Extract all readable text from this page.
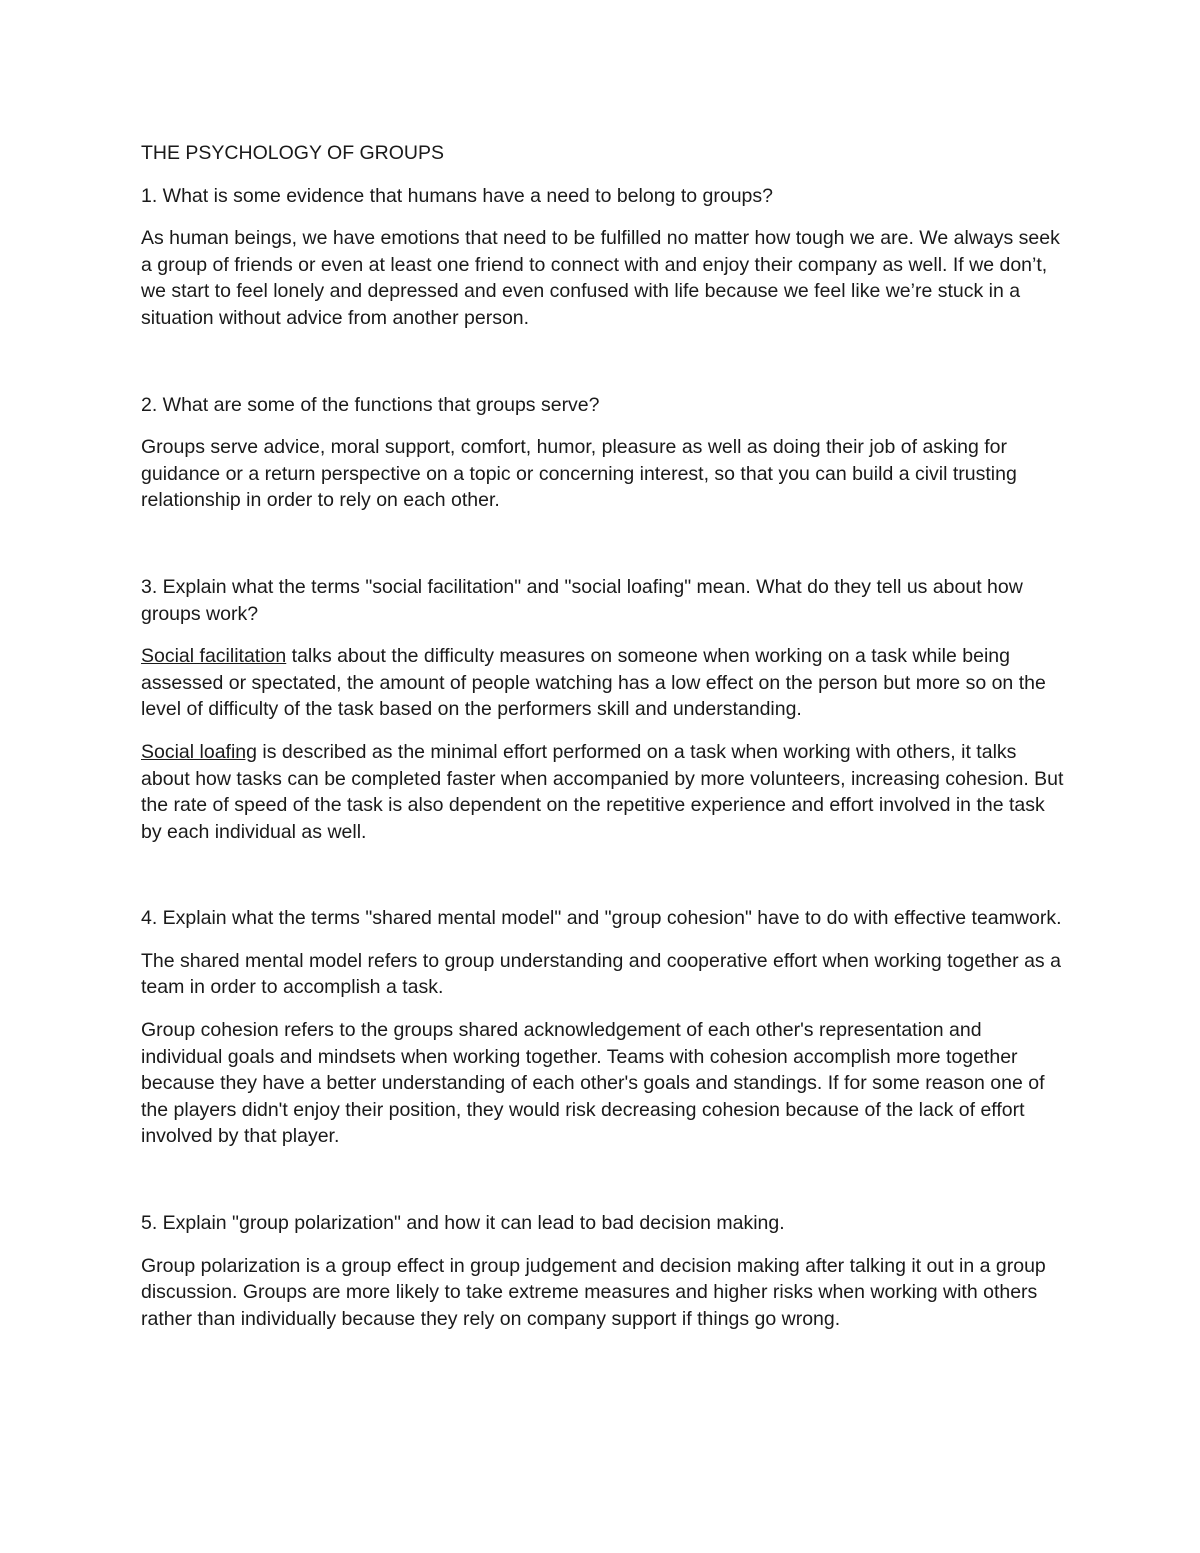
THE PSYCHOLOGY OF GROUPS

1. What is some evidence that humans have a need to belong to groups?

As human beings, we have emotions that need to be fulfilled no matter how tough we are. We always seek a group of friends or even at least one friend to connect with and enjoy their company as well. If we don’t, we start to feel lonely and depressed and even confused with life because we feel like we’re stuck in a situation without advice from another person.

2. What are some of the functions that groups serve?

Groups serve advice, moral support, comfort, humor, pleasure as well as doing their job of asking for guidance or a return perspective on a topic or concerning interest, so that you can build a civil trusting relationship in order to rely on each other.

3. Explain what the terms "social facilitation" and "social loafing" mean. What do they tell us about how groups work?

Social facilitation talks about the difficulty measures on someone when working on a task while being assessed or spectated, the amount of people watching has a low effect on the person but more so on the level of difficulty of the task based on the performers skill and understanding.

Social loafing is described as the minimal effort performed on a task when working with others, it talks about how tasks can be completed faster when accompanied by more volunteers, increasing cohesion. But the rate of speed of the task is also dependent on the repetitive experience and effort involved in the task by each individual as well.

4. Explain what the terms "shared mental model" and "group cohesion" have to do with effective teamwork.

The shared mental model refers to group understanding and cooperative effort when working together as a team in order to accomplish a task.

Group cohesion refers to the groups shared acknowledgement of each other's representation and individual goals and mindsets when working together. Teams with cohesion accomplish more together because they have a better understanding of each other's goals and standings. If for some reason one of the players didn't enjoy their position, they would risk decreasing cohesion because of the lack of effort involved by that player.

5. Explain "group polarization" and how it can lead to bad decision making.

Group polarization is a group effect in group judgement and decision making after talking it out in a group discussion. Groups are more likely to take extreme measures and higher risks when working with others rather than individually because they rely on company support if things go wrong.
